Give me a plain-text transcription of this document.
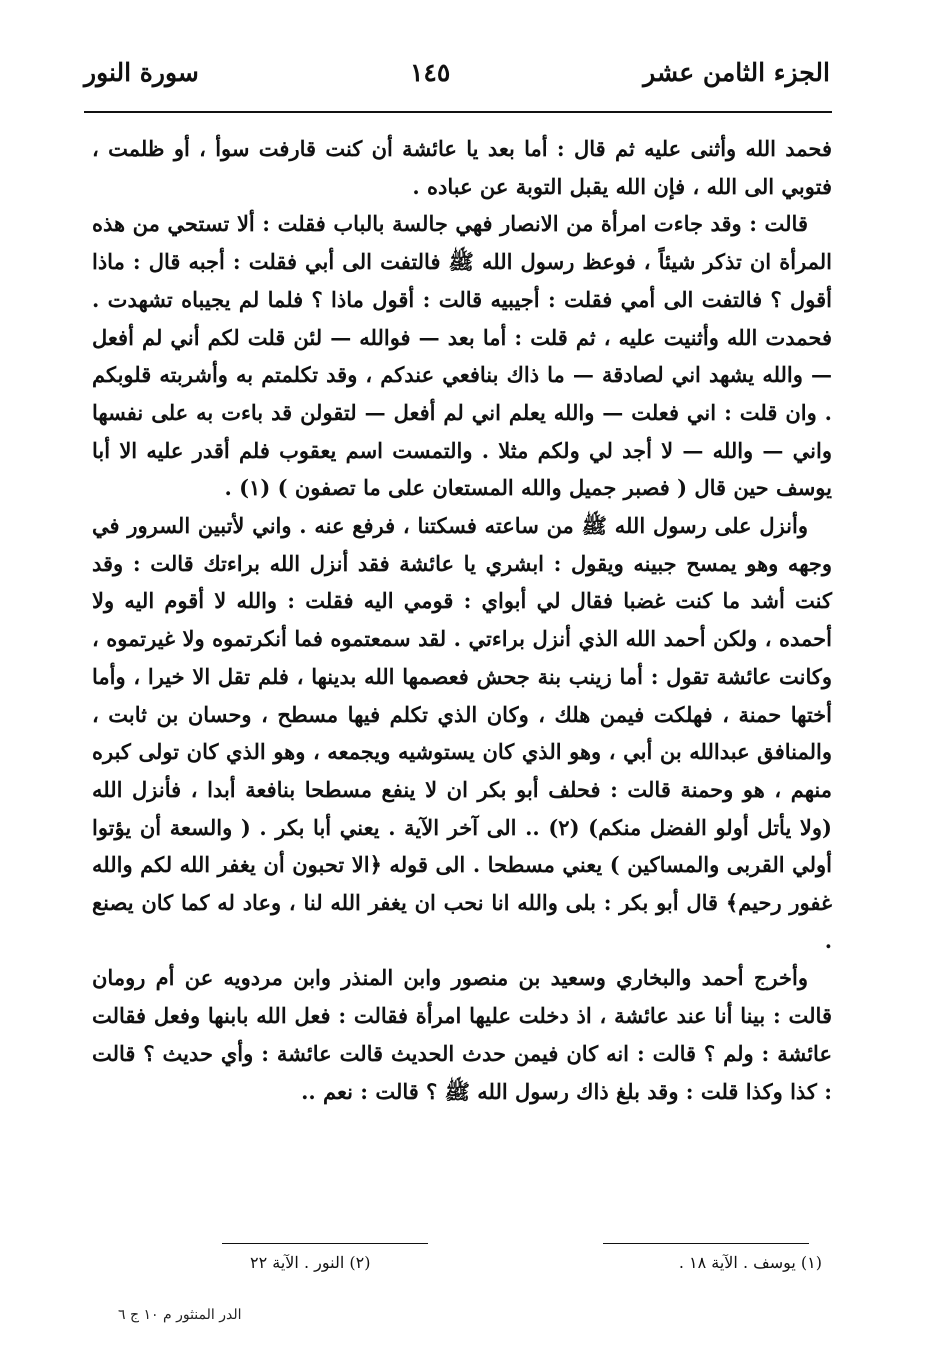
الجزء الثامن عشر
١٤٥
سورة النور

فحمد الله وأثنى عليه ثم قال : أما بعد يا عائشة أن كنت قارفت سوأ ، أو ظلمت ، فتوبي الى الله ، فإن الله يقبل التوبة عن عباده .

قالت : وقد جاءت امرأة من الانصار فهي جالسة بالباب فقلت : ألا تستحي من هذه المرأة ان تذكر شيئاً ، فوعظ رسول الله ﷺ فالتفت الى أبي فقلت : أجبه قال : ماذا أقول ؟ فالتفت الى أمي فقلت : أجيبيه قالت : أقول ماذا ؟ فلما لم يجيباه تشهدت . فحمدت الله وأثنيت عليه ، ثم قلت : أما بعد — فوالله — لئن قلت لكم أني لم أفعل — والله يشهد اني لصادقة — ما ذاك بنافعي عندكم ، وقد تكلمتم به وأشربته قلوبكم . وان قلت : اني فعلت — والله يعلم اني لم أفعل — لتقولن قد باءت به على نفسها واني — والله — لا أجد لي ولكم مثلا . والتمست اسم يعقوب فلم أقدر عليه الا أبا يوسف حين قال ( فصبر جميل والله المستعان على ما تصفون ) (١) .

وأنزل على رسول الله ﷺ من ساعته فسكتنا ، فرفع عنه . واني لأتبين السرور في وجهه وهو يمسح جبينه ويقول : ابشري يا عائشة فقد أنزل الله براءتك قالت : وقد كنت أشد ما كنت غضبا فقال لي أبواي : قومي اليه فقلت : والله لا أقوم اليه ولا أحمده ، ولكن أحمد الله الذي أنزل براءتي . لقد سمعتموه فما أنكرتموه ولا غيرتموه ، وكانت عائشة تقول : أما زينب بنة جحش فعصمها الله بدينها ، فلم تقل الا خيرا ، وأما أختها حمنة ، فهلكت فيمن هلك ، وكان الذي تكلم فيها مسطح ، وحسان بن ثابت ، والمنافق عبدالله بن أبي ، وهو الذي كان يستوشيه ويجمعه ، وهو الذي كان تولى كبره منهم ، هو وحمنة قالت : فحلف أبو بكر ان لا ينفع مسطحا بنافعة أبدا ، فأنزل الله (ولا يأتل أولو الفضل منكم) (٢) .. الى آخر الآية . يعني أبا بكر . ( والسعة أن يؤتوا أولي القربى والمساكين ) يعني مسطحا . الى قوله ﴿الا تحبون أن يغفر الله لكم والله غفور رحيم﴾ قال أبو بكر : بلى والله انا نحب ان يغفر الله لنا ، وعاد له كما كان يصنع .

وأخرج أحمد والبخاري وسعيد بن منصور وابن المنذر وابن مردويه عن أم رومان قالت : بينا أنا عند عائشة ، اذ دخلت عليها امرأة فقالت : فعل الله بابنها وفعل فقالت عائشة : ولم ؟ قالت : انه كان فيمن حدث الحديث قالت عائشة : وأي حديث ؟ قالت : كذا وكذا قلت : وقد بلغ ذاك رسول الله ﷺ ؟ قالت : نعم ..

(١) يوسف . الآية ١٨ .
(٢) النور . الآية ٢٢
الدر المنثور م ١٠ ج ٦
